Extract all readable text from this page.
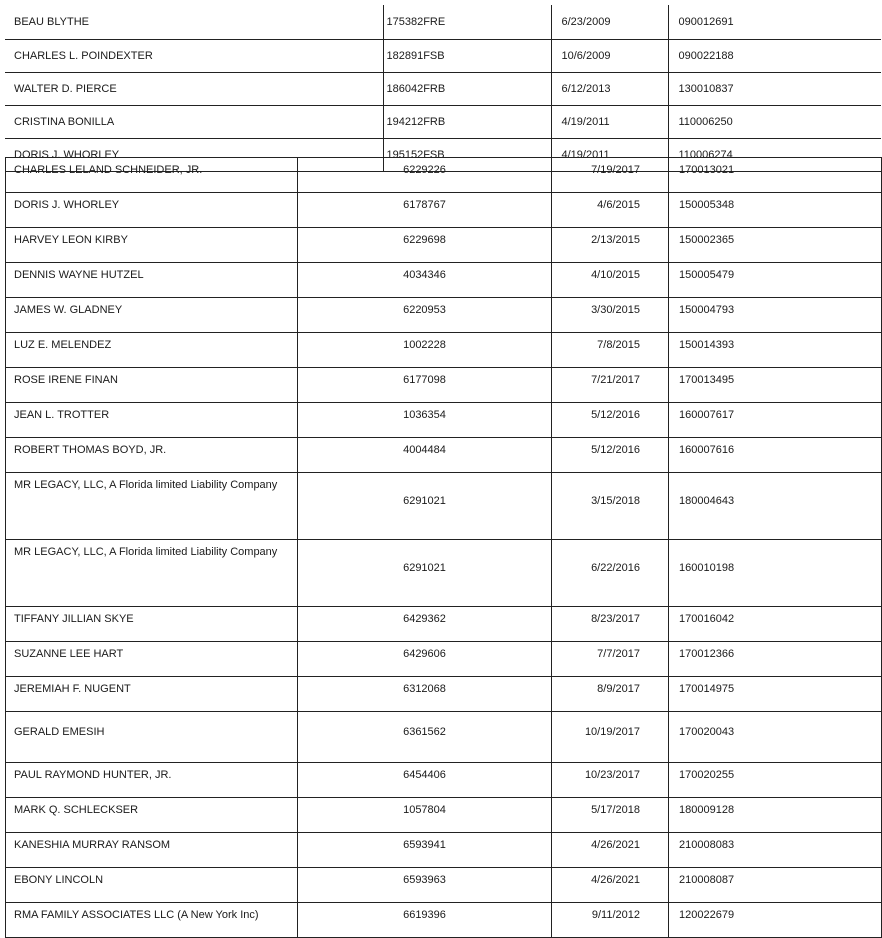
BEAU BLYTHE	175382FRE	6/23/2009	090012691
CHARLES L. POINDEXTER	182891FSB	10/6/2009	090022188
WALTER D. PIERCE	186042FRB	6/12/2013	130010837
CRISTINA BONILLA	194212FRB	4/19/2011	110006250
DORIS J. WHORLEY	195152FSB	4/19/2011	110006274
CHARLES LELAND SCHNEIDER, JR.	6229226	7/19/2017	170013021
DORIS J. WHORLEY	6178767	4/6/2015	150005348
HARVEY LEON KIRBY	6229698	2/13/2015	150002365
DENNIS WAYNE HUTZEL	4034346	4/10/2015	150005479
JAMES W. GLADNEY	6220953	3/30/2015	150004793
LUZ E. MELENDEZ	1002228	7/8/2015	150014393
ROSE IRENE FINAN	6177098	7/21/2017	170013495
JEAN L. TROTTER	1036354	5/12/2016	160007617
ROBERT THOMAS BOYD, JR.	4004484	5/12/2016	160007616
MR LEGACY, LLC, A Florida limited Liability Company	6291021	3/15/2018	180004643
MR LEGACY, LLC, A Florida limited Liability Company	6291021	6/22/2016	160010198
TIFFANY JILLIAN SKYE	6429362	8/23/2017	170016042
SUZANNE LEE HART	6429606	7/7/2017	170012366
JEREMIAH F. NUGENT	6312068	8/9/2017	170014975
GERALD EMESIH	6361562	10/19/2017	170020043
PAUL RAYMOND HUNTER, JR.	6454406	10/23/2017	170020255
MARK Q. SCHLECKSER	1057804	5/17/2018	180009128
KANESHIA MURRAY RANSOM	6593941	4/26/2021	210008083
EBONY LINCOLN	6593963	4/26/2021	210008087
RMA FAMILY ASSOCIATES LLC (A New York Inc)	6619396	9/11/2012	120022679
